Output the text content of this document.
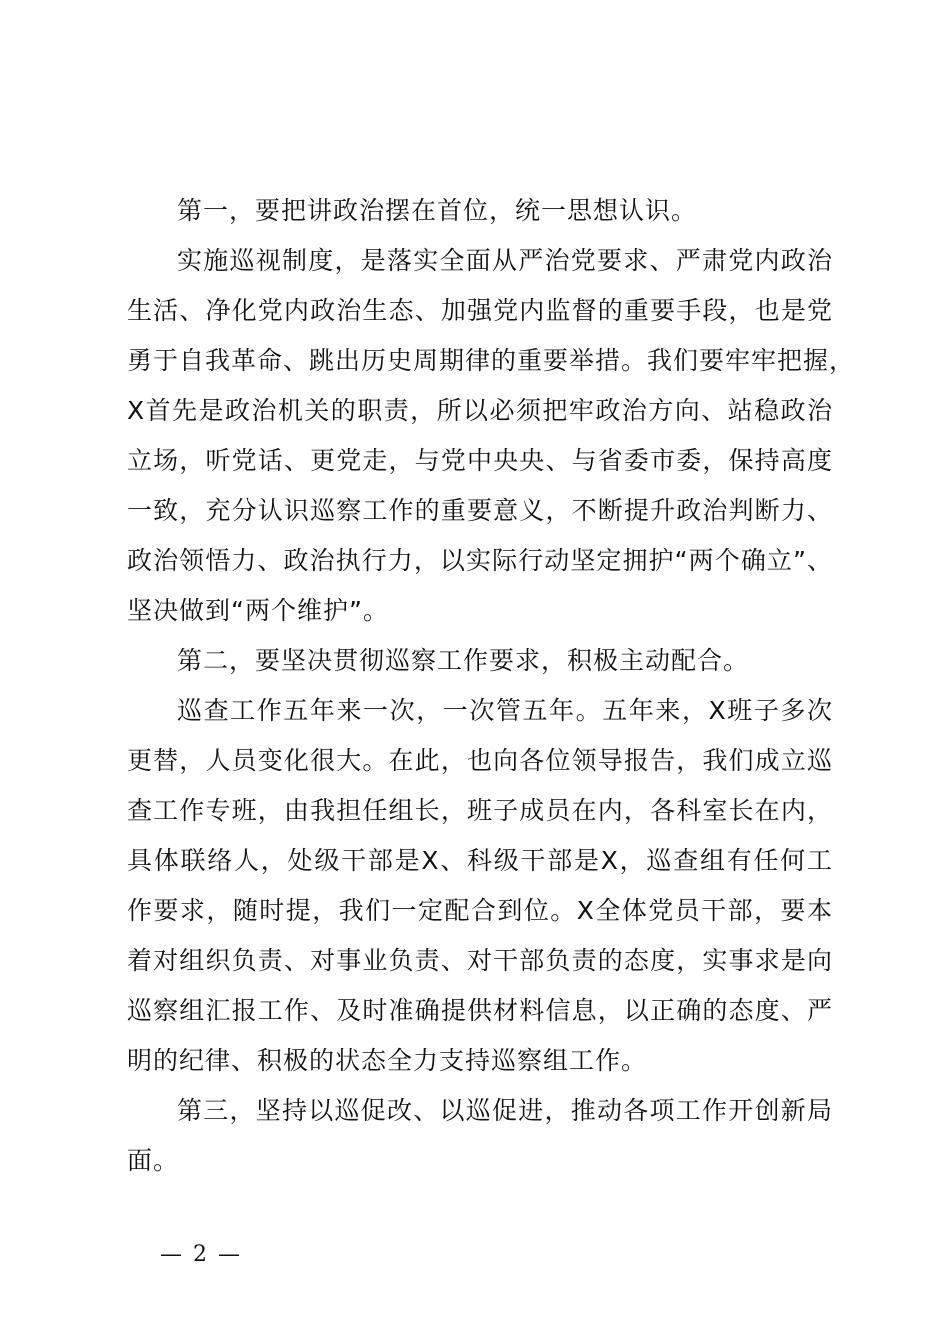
第一，要把讲政治摆在首位，统一思想认识。
实施巡视制度，是落实全面从严治党要求、严肃党内政治
生活、净化党内政治生态、加强党内监督的重要手段，也是党
勇于自我革命、跳出历史周期律的重要举措。我们要牢牢把握，
X首先是政治机关的职责，所以必须把牢政治方向、站稳政治
立场，听党话、更党走，与党中央央、与省委市委，保持高度
一致，充分认识巡察工作的重要意义，不断提升政治判断力、
政治领悟力、政治执行力，以实际行动坚定拥护“两个确立”、
坚决做到“两个维护”。
第二，要坚决贯彻巡察工作要求，积极主动配合。
巡查工作五年来一次，一次管五年。五年来，X班子多次
更替，人员变化很大。在此，也向各位领导报告，我们成立巡
查工作专班，由我担任组长，班子成员在内，各科室长在内，
具体联络人，处级干部是X、科级干部是X，巡查组有任何工
作要求，随时提，我们一定配合到位。X全体党员干部，要本
着对组织负责、对事业负责、对干部负责的态度，实事求是向
巡察组汇报工作、及时准确提供材料信息，以正确的态度、严
明的纪律、积极的状态全力支持巡察组工作。
第三，坚持以巡促改、以巡促进，推动各项工作开创新局
面。
— 2 —
